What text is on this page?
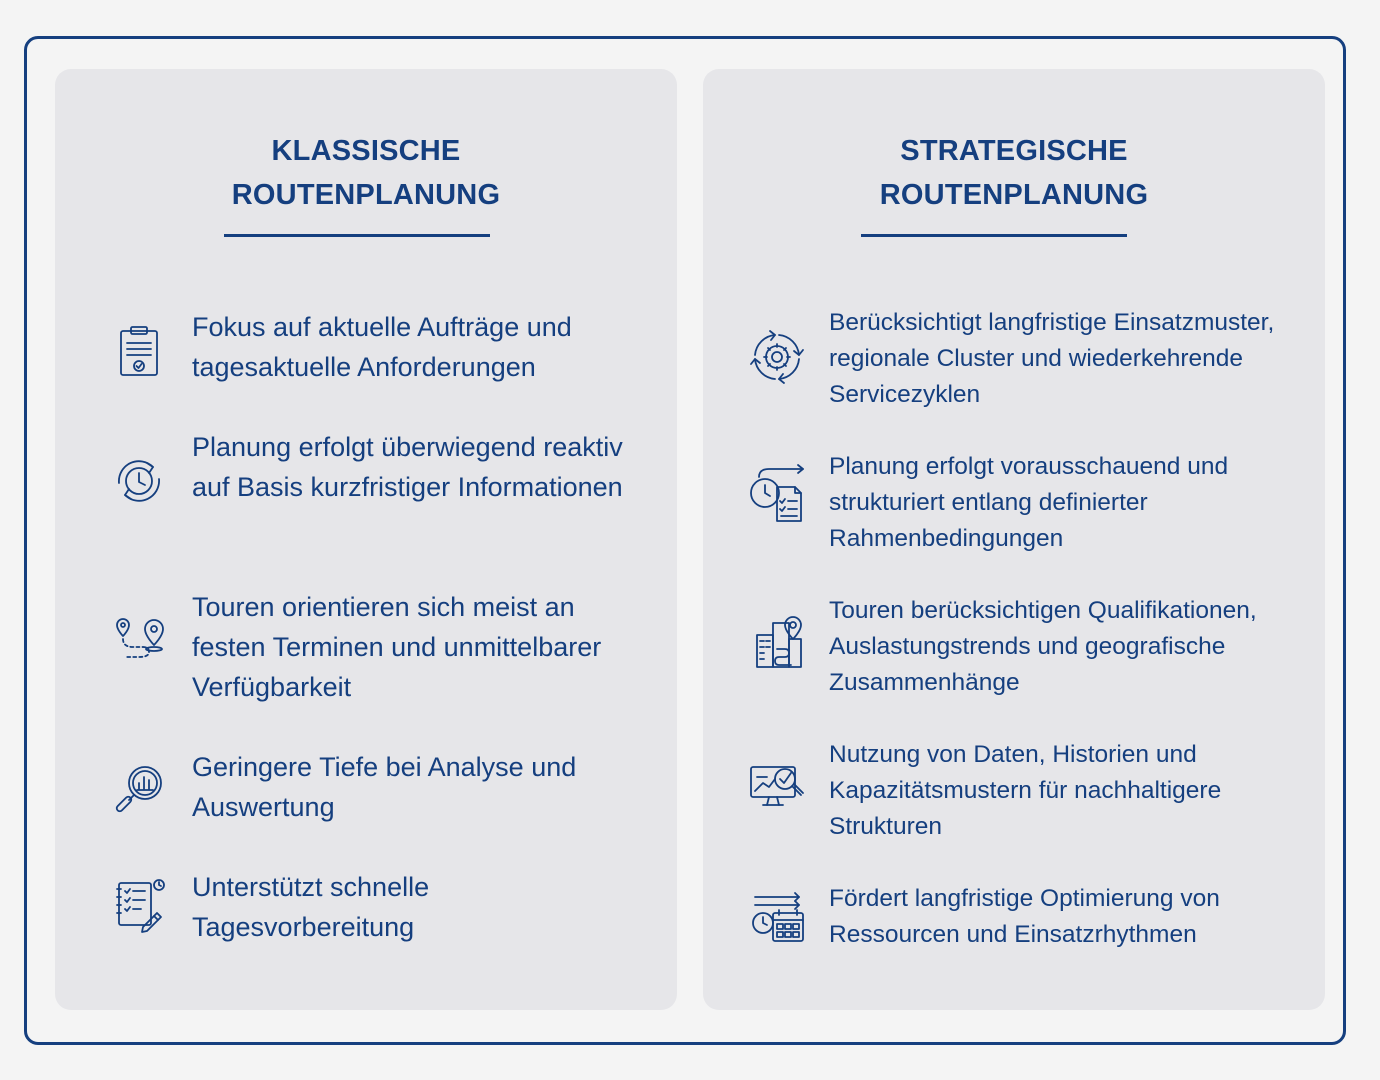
KLASSISCHE
ROUTENPLANUNG
Fokus auf aktuelle Aufträge und tagesaktuelle Anforderungen
Planung erfolgt überwiegend reaktiv auf Basis kurzfristiger Informationen
Touren orientieren sich meist an festen Terminen und unmittelbarer Verfügbarkeit
Geringere Tiefe bei Analyse und Auswertung
Unterstützt schnelle Tagesvorbereitung
STRATEGISCHE
ROUTENPLANUNG
Berücksichtigt langfristige Einsatzmuster, regionale Cluster und wiederkehrende Servicezyklen
Planung erfolgt vorausschauend und strukturiert entlang definierter Rahmenbedingungen
Touren berücksichtigen Qualifikationen, Auslastungstrends und geografische Zusammenhänge
Nutzung von Daten, Historien und Kapazitätsmustern für nachhaltigere Strukturen
Fördert langfristige Optimierung von Ressourcen und Einsatzrhythmen
